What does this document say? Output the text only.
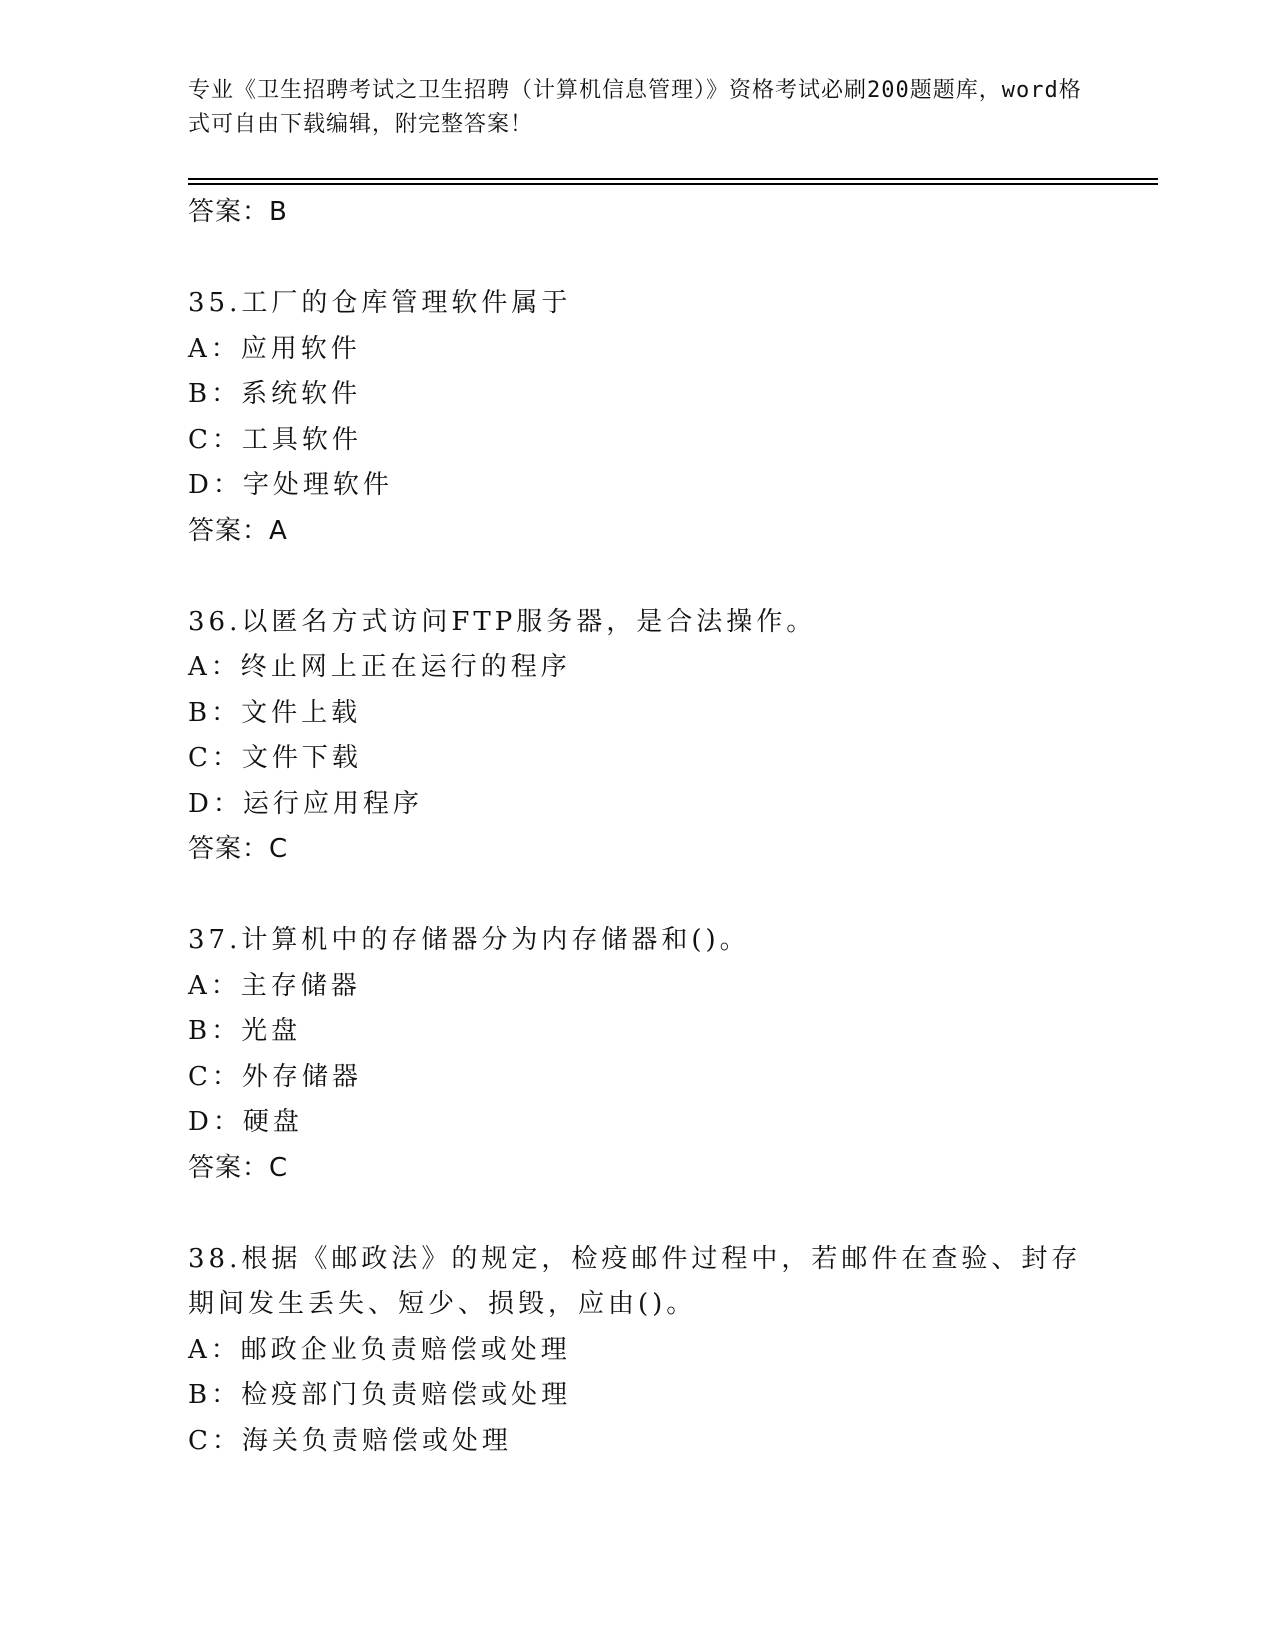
专业《卫生招聘考试之卫生招聘（计算机信息管理）》资格考试必刷200题题库，word格式可自由下载编辑，附完整答案！
答案：B
35.工厂的仓库管理软件属于
A：应用软件
B：系统软件
C：工具软件
D：字处理软件
答案：A
36.以匿名方式访问FTP服务器，是合法操作。
A：终止网上正在运行的程序
B：文件上载
C：文件下载
D：运行应用程序
答案：C
37.计算机中的存储器分为内存储器和()。
A：主存储器
B：光盘
C：外存储器
D：硬盘
答案：C
38.根据《邮政法》的规定，检疫邮件过程中，若邮件在查验、封存期间发生丢失、短少、损毁，应由()。
A：邮政企业负责赔偿或处理
B：检疫部门负责赔偿或处理
C：海关负责赔偿或处理
